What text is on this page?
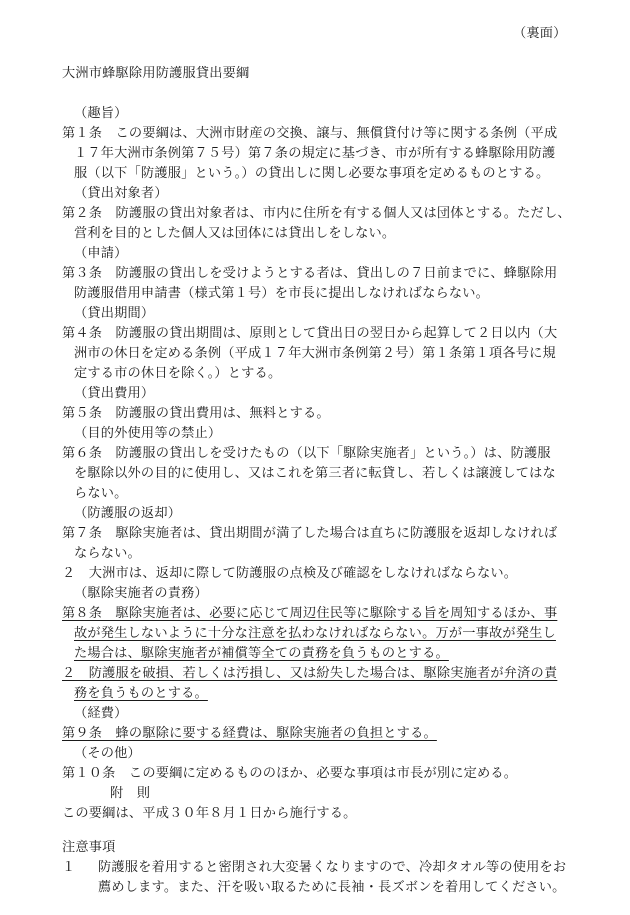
（裏面）
大洲市蜂駆除用防護服貸出要綱
（趣旨）
第１条　この要綱は、大洲市財産の交換、譲与、無償貸付け等に関する条例（平成
１７年大洲市条例第７５号）第７条の規定に基づき、市が所有する蜂駆除用防護
服（以下「防護服」という。）の貸出しに関し必要な事項を定めるものとする。
（貸出対象者）
第２条　防護服の貸出対象者は、市内に住所を有する個人又は団体とする。ただし、
営利を目的とした個人又は団体には貸出しをしない。
（申請）
第３条　防護服の貸出しを受けようとする者は、貸出しの７日前までに、蜂駆除用
防護服借用申請書（様式第１号）を市長に提出しなければならない。
（貸出期間）
第４条　防護服の貸出期間は、原則として貸出日の翌日から起算して２日以内（大
洲市の休日を定める条例（平成１７年大洲市条例第２号）第１条第１項各号に規
定する市の休日を除く。）とする。
（貸出費用）
第５条　防護服の貸出費用は、無料とする。
（目的外使用等の禁止）
第６条　防護服の貸出しを受けたもの（以下「駆除実施者」という。）は、防護服
を駆除以外の目的に使用し、又はこれを第三者に転貸し、若しくは譲渡してはな
らない。
（防護服の返却）
第７条　駆除実施者は、貸出期間が満了した場合は直ちに防護服を返却しなければ
ならない。
２　大洲市は、返却に際して防護服の点検及び確認をしなければならない。
（駆除実施者の責務）
第８条　駆除実施者は、必要に応じて周辺住民等に駆除する旨を周知するほか、事
故が発生しないように十分な注意を払わなければならない。万が一事故が発生し
た場合は、駆除実施者が補償等全ての責務を負うものとする。
２　防護服を破損、若しくは汚損し、又は紛失した場合は、駆除実施者が弁済の責
務を負うものとする。
（経費）
第９条　蜂の駆除に要する経費は、駆除実施者の負担とする。
（その他）
第１０条　この要綱に定めるもののほか、必要な事項は市長が別に定める。
附　則
この要綱は、平成３０年８月１日から施行する。
注意事項
１ 防護服を着用すると密閉され大変暑くなりますので、冷却タオル等の使用をお
薦めします。また、汗を吸い取るために長袖・長ズボンを着用してください。
